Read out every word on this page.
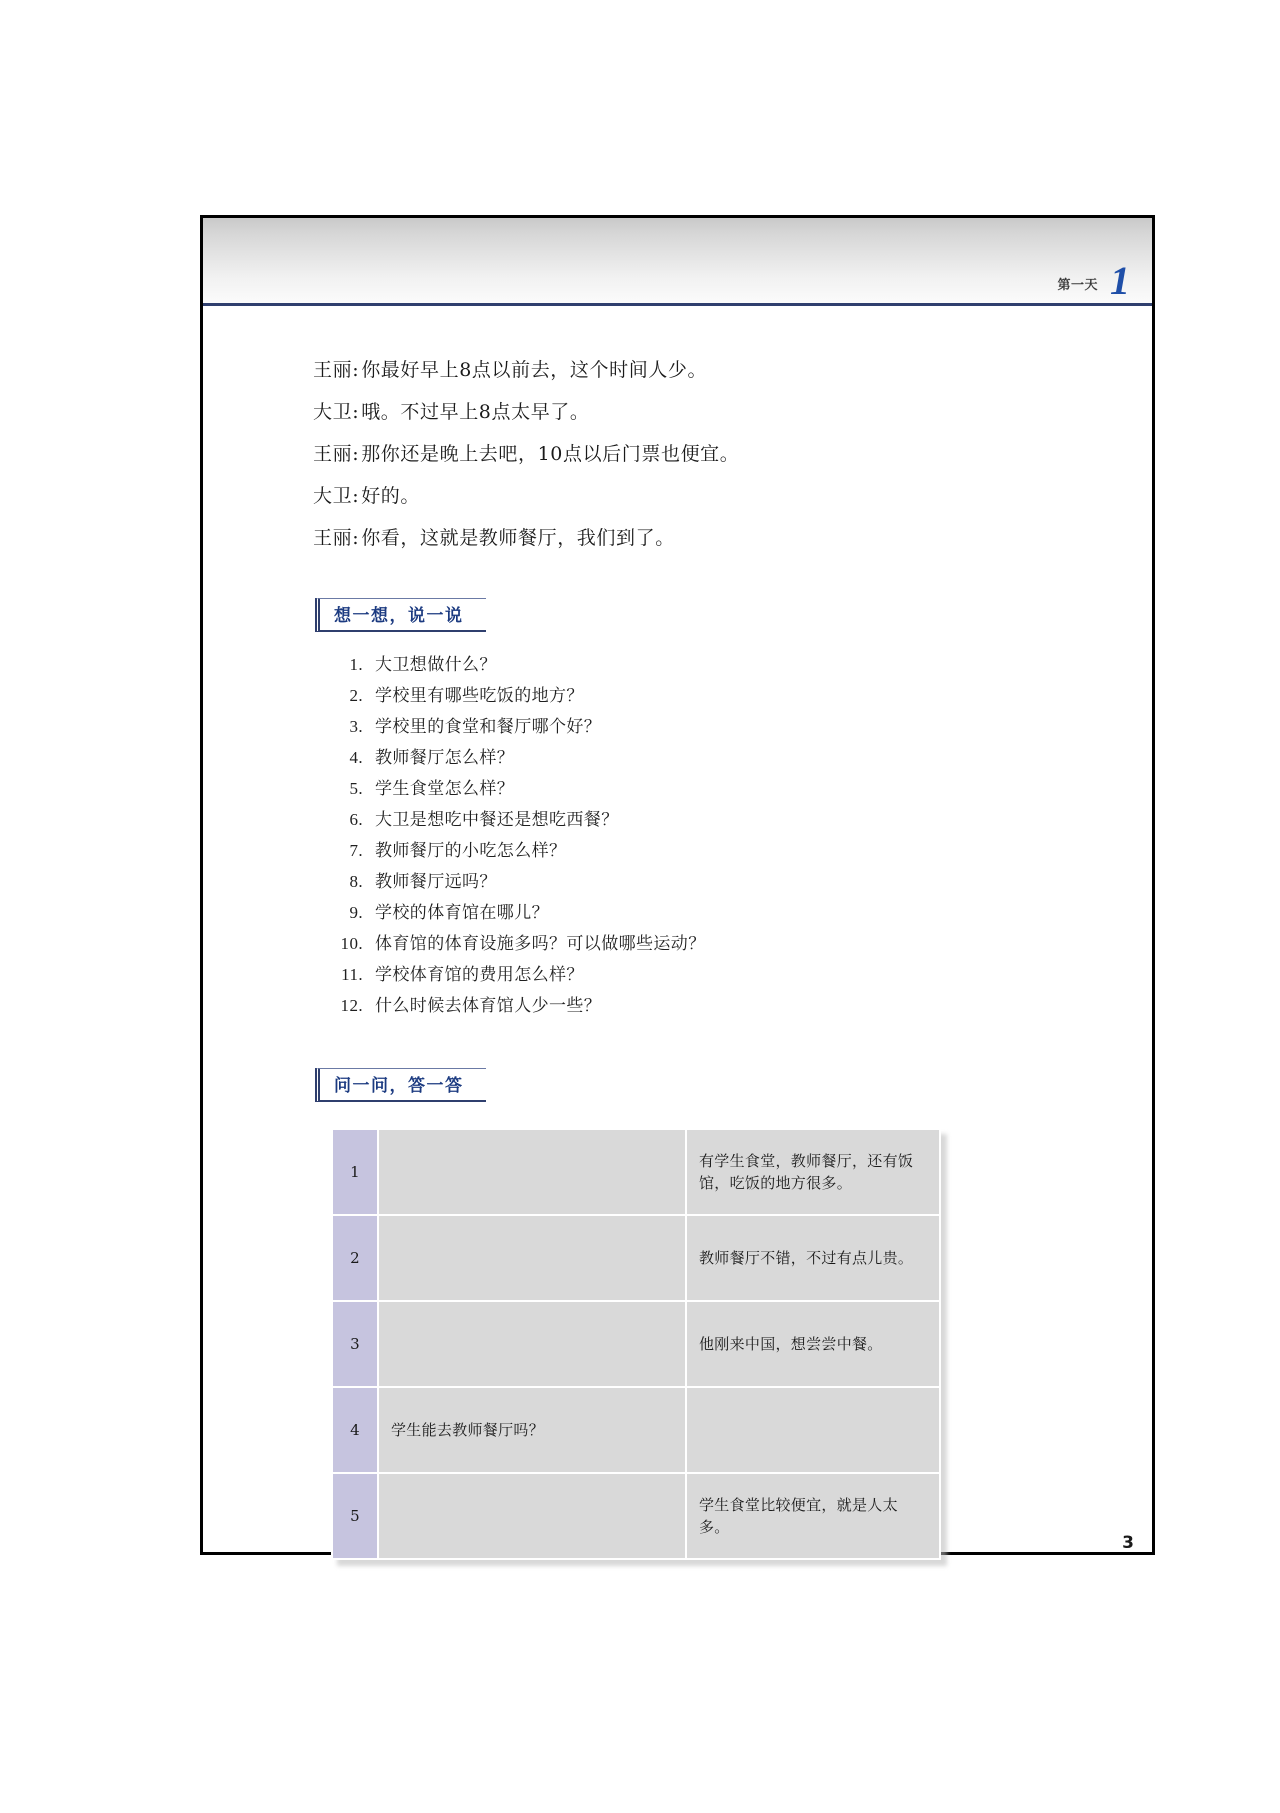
第一天 1
王丽: 你最好早上8点以前去，这个时间人少。
大卫: 哦。不过早上8点太早了。
王丽: 那你还是晚上去吧，10点以后门票也便宜。
大卫: 好的。
王丽: 你看，这就是教师餐厅，我们到了。
想一想，说一说
1. 大卫想做什么？
2. 学校里有哪些吃饭的地方？
3. 学校里的食堂和餐厅哪个好？
4. 教师餐厅怎么样？
5. 学生食堂怎么样？
6. 大卫是想吃中餐还是想吃西餐？
7. 教师餐厅的小吃怎么样？
8. 教师餐厅远吗？
9. 学校的体育馆在哪儿？
10. 体育馆的体育设施多吗？可以做哪些运动？
11. 学校体育馆的费用怎么样？
12. 什么时候去体育馆人少一些？
问一问，答一答
1		有学生食堂，教师餐厅，还有饭馆，吃饭的地方很多。
2		教师餐厅不错，不过有点儿贵。
3		他刚来中国，想尝尝中餐。
4	学生能去教师餐厅吗？	
5		学生食堂比较便宜，就是人太多。
3
